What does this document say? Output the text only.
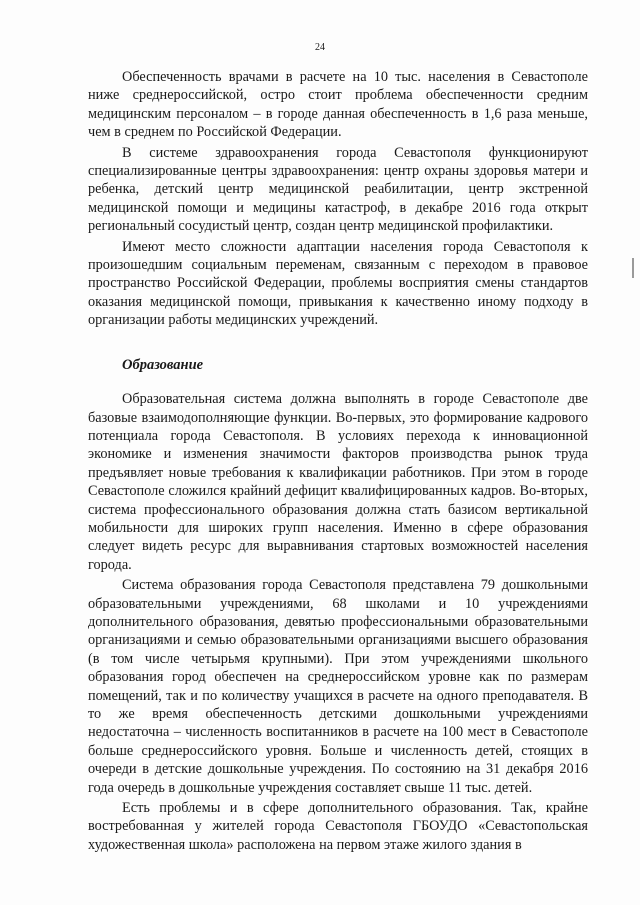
24

Обеспеченность врачами в расчете на 10 тыс. населения в Севастополе ниже среднероссийской, остро стоит проблема обеспеченности средним медицинским персоналом – в городе данная обеспеченность в 1,6 раза меньше, чем в среднем по Российской Федерации.

В системе здравоохранения города Севастополя функционируют специализированные центры здравоохранения: центр охраны здоровья матери и ребенка, детский центр медицинской реабилитации, центр экстренной медицинской помощи и медицины катастроф, в декабре 2016 года открыт региональный сосудистый центр, создан центр медицинской профилактики.

Имеют место сложности адаптации населения города Севастополя к произошедшим социальным переменам, связанным с переходом в правовое пространство Российской Федерации, проблемы восприятия смены стандартов оказания медицинской помощи, привыкания к качественно иному подходу в организации работы медицинских учреждений.

Образование

Образовательная система должна выполнять в городе Севастополе две базовые взаимодополняющие функции. Во-первых, это формирование кадрового потенциала города Севастополя. В условиях перехода к инновационной экономике и изменения значимости факторов производства рынок труда предъявляет новые требования к квалификации работников. При этом в городе Севастополе сложился крайний дефицит квалифицированных кадров. Во-вторых, система профессионального образования должна стать базисом вертикальной мобильности для широких групп населения. Именно в сфере образования следует видеть ресурс для выравнивания стартовых возможностей населения города.

Система образования города Севастополя представлена 79 дошкольными образовательными учреждениями, 68 школами и 10 учреждениями дополнительного образования, девятью профессиональными образовательными организациями и семью образовательными организациями высшего образования (в том числе четырьмя крупными). При этом учреждениями школьного образования город обеспечен на среднероссийском уровне как по размерам помещений, так и по количеству учащихся в расчете на одного преподавателя. В то же время обеспеченность детскими дошкольными учреждениями недостаточна – численность воспитанников в расчете на 100 мест в Севастополе больше среднероссийского уровня. Больше и численность детей, стоящих в очереди в детские дошкольные учреждения. По состоянию на 31 декабря 2016 года очередь в дошкольные учреждения составляет свыше 11 тыс. детей.

Есть проблемы и в сфере дополнительного образования. Так, крайне востребованная у жителей города Севастополя ГБОУДО «Севастопольская художественная школа» расположена на первом этаже жилого здания в
